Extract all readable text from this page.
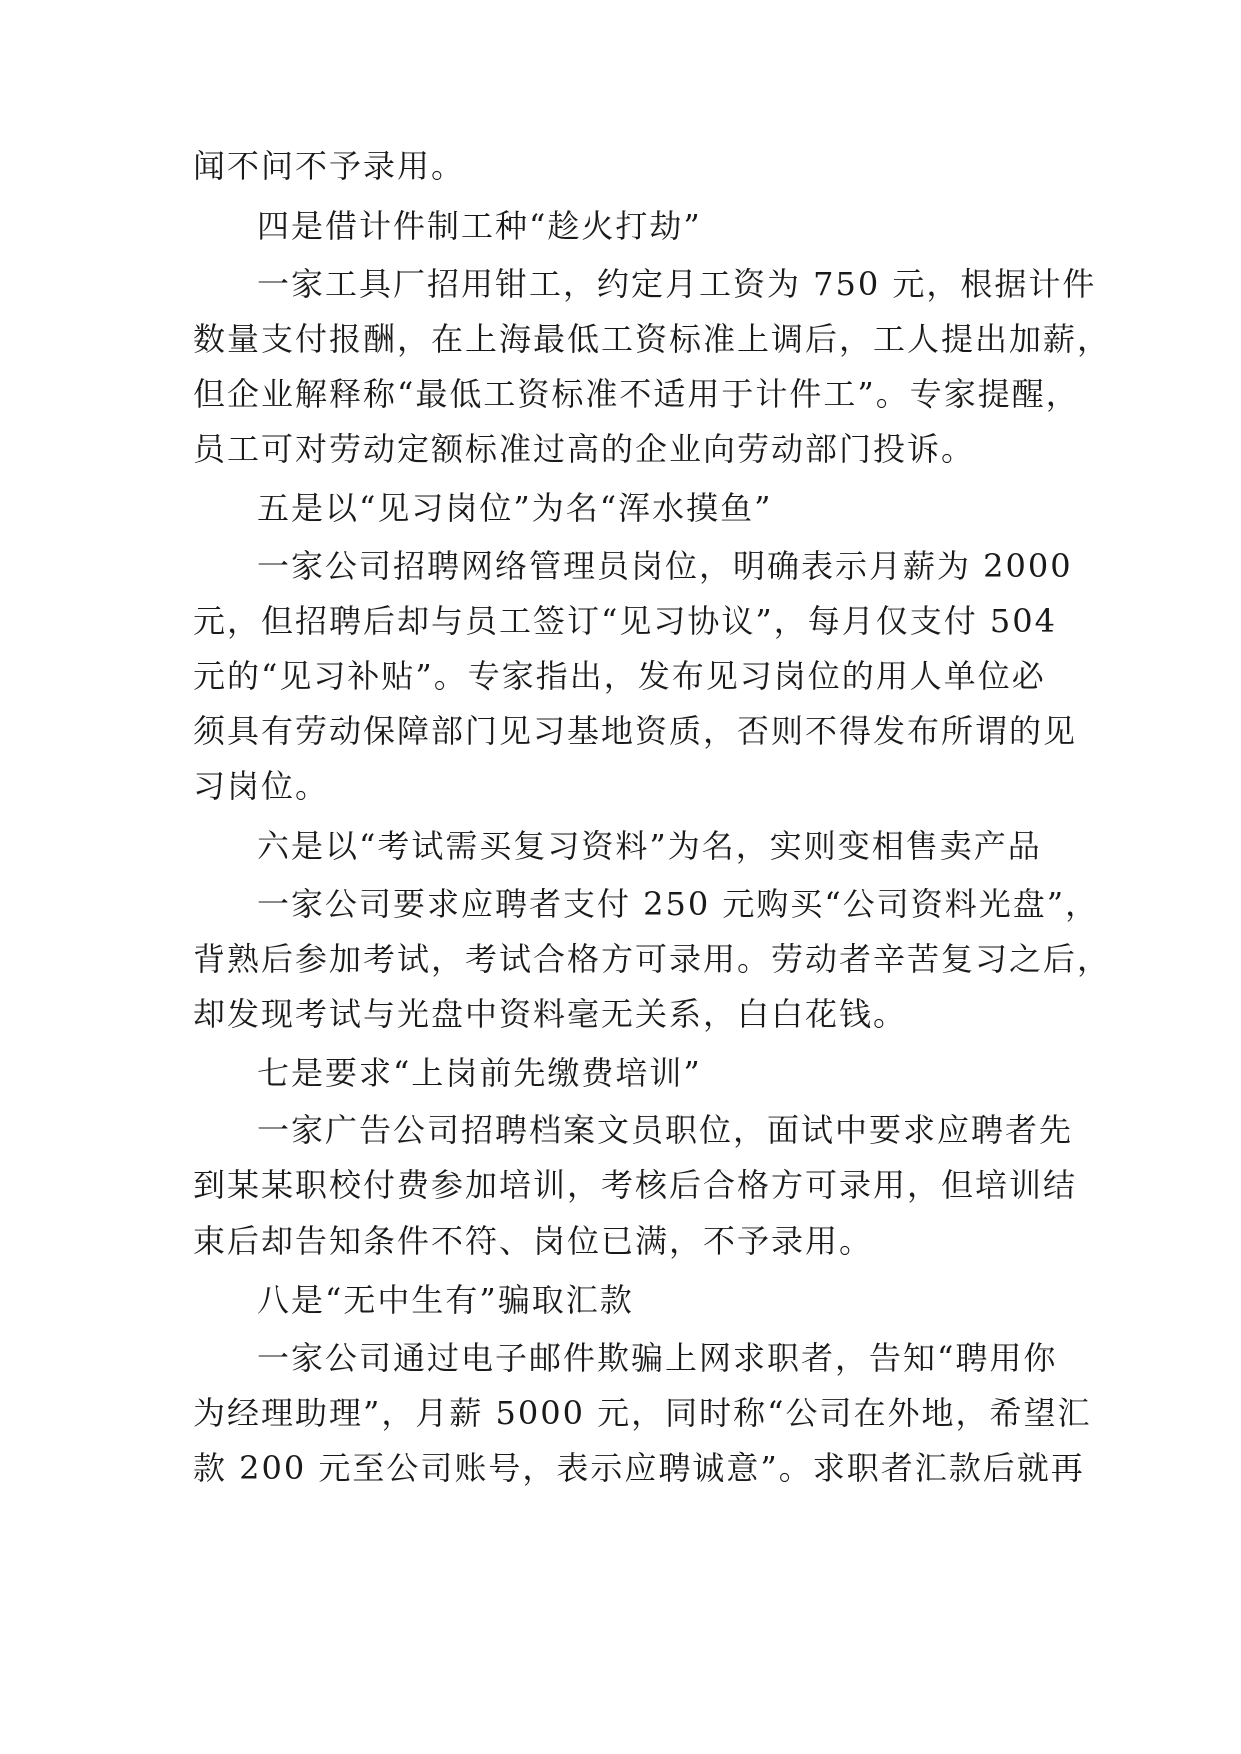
闻不问不予录用。
四是借计件制工种“趁火打劫”
一家工具厂招用钳工，约定月工资为 750 元，根据计件
数量支付报酬，在上海最低工资标准上调后，工人提出加薪，
但企业解释称“最低工资标准不适用于计件工”。专家提醒，
员工可对劳动定额标准过高的企业向劳动部门投诉。
五是以“见习岗位”为名“浑水摸鱼”
一家公司招聘网络管理员岗位，明确表示月薪为 2000
元，但招聘后却与员工签订“见习协议”，每月仅支付 504
元的“见习补贴”。专家指出，发布见习岗位的用人单位必
须具有劳动保障部门见习基地资质，否则不得发布所谓的见
习岗位。
六是以“考试需买复习资料”为名，实则变相售卖产品
一家公司要求应聘者支付 250 元购买“公司资料光盘”，
背熟后参加考试，考试合格方可录用。劳动者辛苦复习之后，
却发现考试与光盘中资料毫无关系，白白花钱。
七是要求“上岗前先缴费培训”
一家广告公司招聘档案文员职位，面试中要求应聘者先
到某某职校付费参加培训，考核后合格方可录用，但培训结
束后却告知条件不符、岗位已满，不予录用。
八是“无中生有”骗取汇款
一家公司通过电子邮件欺骗上网求职者，告知“聘用你
为经理助理”，月薪 5000 元，同时称“公司在外地，希望汇
款 200 元至公司账号，表示应聘诚意”。求职者汇款后就再
